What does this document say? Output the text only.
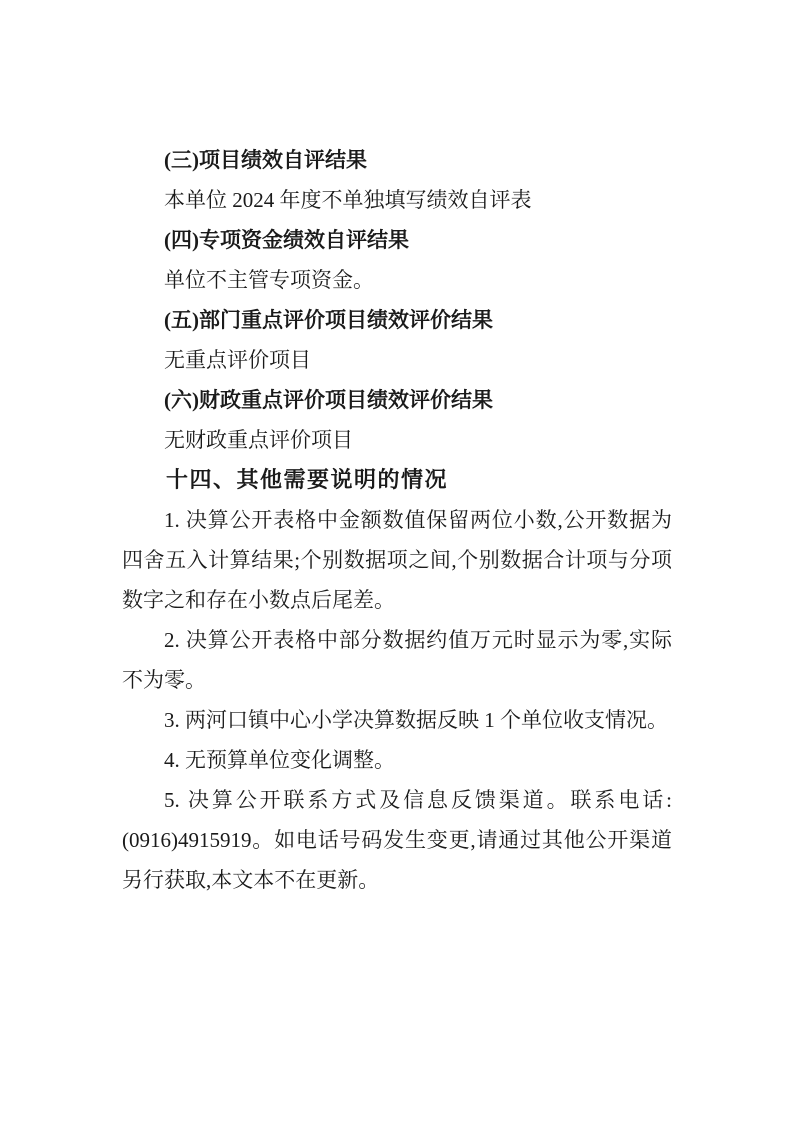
(三)项目绩效自评结果

本单位 2024 年度不单独填写绩效自评表

(四)专项资金绩效自评结果

单位不主管专项资金。

(五)部门重点评价项目绩效评价结果

无重点评价项目

(六)财政重点评价项目绩效评价结果

无财政重点评价项目

十四、其他需要说明的情况

1. 决算公开表格中金额数值保留两位小数,公开数据为四舍五入计算结果;个别数据项之间,个别数据合计项与分项数字之和存在小数点后尾差。

2. 决算公开表格中部分数据约值万元时显示为零,实际不为零。

3. 两河口镇中心小学决算数据反映 1 个单位收支情况。

4. 无预算单位变化调整。

5. 决算公开联系方式及信息反馈渠道。联系电话:(0916)4915919。如电话号码发生变更,请通过其他公开渠道另行获取,本文本不在更新。
